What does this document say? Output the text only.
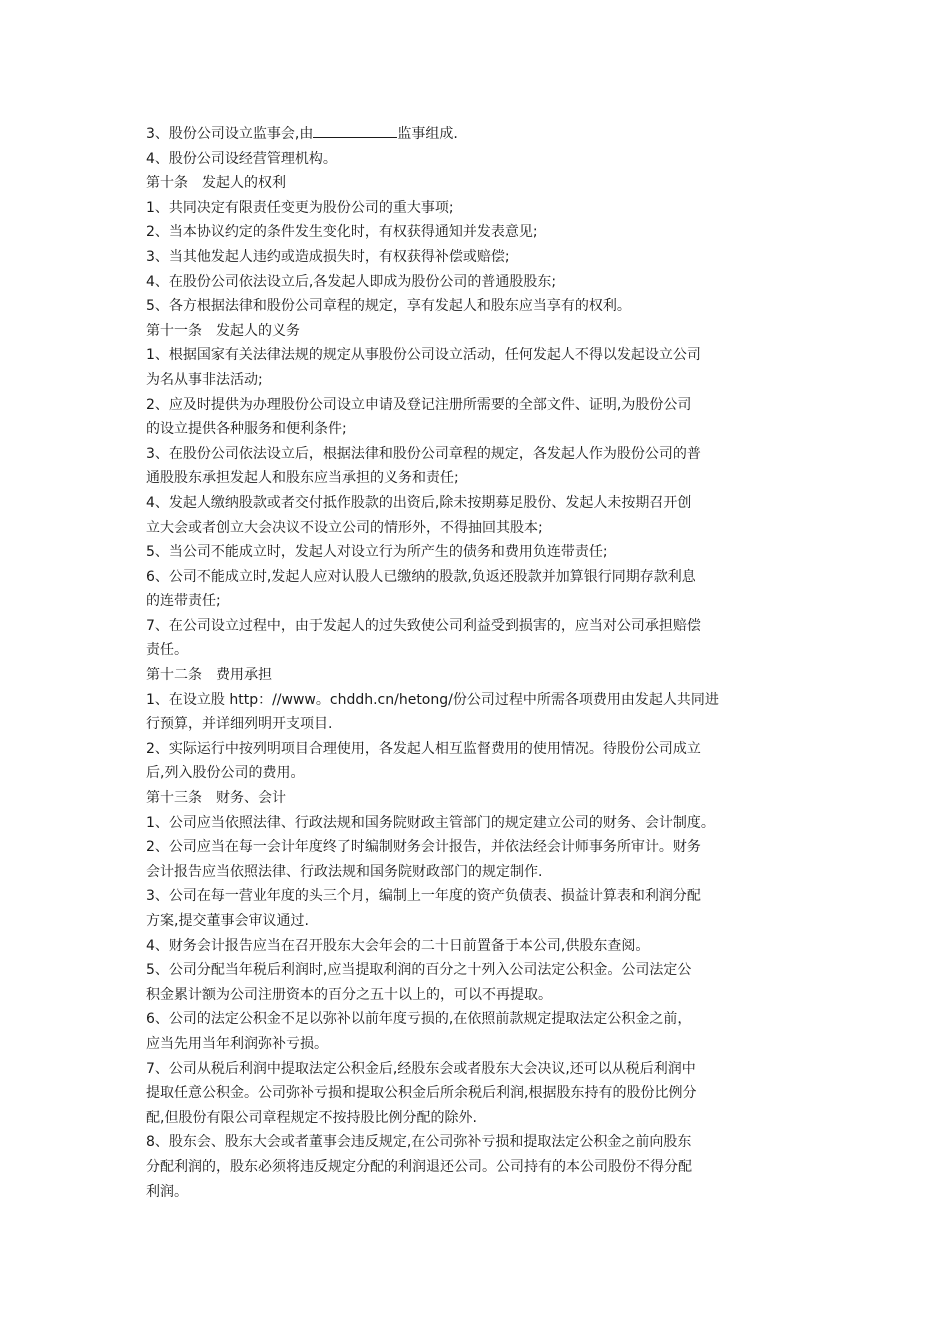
3、股份公司设立监事会,由	监事组成.
4、股份公司设经营管理机构。
第十条　发起人的权利
1、共同决定有限责任变更为股份公司的重大事项;
2、当本协议约定的条件发生变化时，有权获得通知并发表意见;
3、当其他发起人违约或造成损失时，有权获得补偿或赔偿;
4、在股份公司依法设立后,各发起人即成为股份公司的普通股股东;
5、各方根据法律和股份公司章程的规定，享有发起人和股东应当享有的权利。
第十一条　发起人的义务
1、根据国家有关法律法规的规定从事股份公司设立活动，任何发起人不得以发起设立公司
为名从事非法活动;
2、应及时提供为办理股份公司设立申请及登记注册所需要的全部文件、证明,为股份公司
的设立提供各种服务和便利条件;
3、在股份公司依法设立后，根据法律和股份公司章程的规定，各发起人作为股份公司的普
通股股东承担发起人和股东应当承担的义务和责任;
4、发起人缴纳股款或者交付抵作股款的出资后,除未按期募足股份、发起人未按期召开创
立大会或者创立大会决议不设立公司的情形外，不得抽回其股本;
5、当公司不能成立时，发起人对设立行为所产生的债务和费用负连带责任;
6、公司不能成立时,发起人应对认股人已缴纳的股款,负返还股款并加算银行同期存款利息
的连带责任;
7、在公司设立过程中，由于发起人的过失致使公司利益受到损害的，应当对公司承担赔偿
责任。
第十二条　费用承担
1、在设立股 http：//www。chddh.cn/hetong/份公司过程中所需各项费用由发起人共同进
行预算，并详细列明开支项目.
2、实际运行中按列明项目合理使用，各发起人相互监督费用的使用情况。待股份公司成立
后,列入股份公司的费用。
第十三条　财务、会计
1、公司应当依照法律、行政法规和国务院财政主管部门的规定建立公司的财务、会计制度。
2、公司应当在每一会计年度终了时编制财务会计报告，并依法经会计师事务所审计。财务
会计报告应当依照法律、行政法规和国务院财政部门的规定制作.
3、公司在每一营业年度的头三个月，编制上一年度的资产负债表、损益计算表和利润分配
方案,提交董事会审议通过.
4、财务会计报告应当在召开股东大会年会的二十日前置备于本公司,供股东查阅。
5、公司分配当年税后利润时,应当提取利润的百分之十列入公司法定公积金。公司法定公
积金累计额为公司注册资本的百分之五十以上的，可以不再提取。
6、公司的法定公积金不足以弥补以前年度亏损的,在依照前款规定提取法定公积金之前，
应当先用当年利润弥补亏损。
7、公司从税后利润中提取法定公积金后,经股东会或者股东大会决议,还可以从税后利润中
提取任意公积金。公司弥补亏损和提取公积金后所余税后利润,根据股东持有的股份比例分
配,但股份有限公司章程规定不按持股比例分配的除外.
8、股东会、股东大会或者董事会违反规定,在公司弥补亏损和提取法定公积金之前向股东
分配利润的，股东必须将违反规定分配的利润退还公司。公司持有的本公司股份不得分配
利润。
